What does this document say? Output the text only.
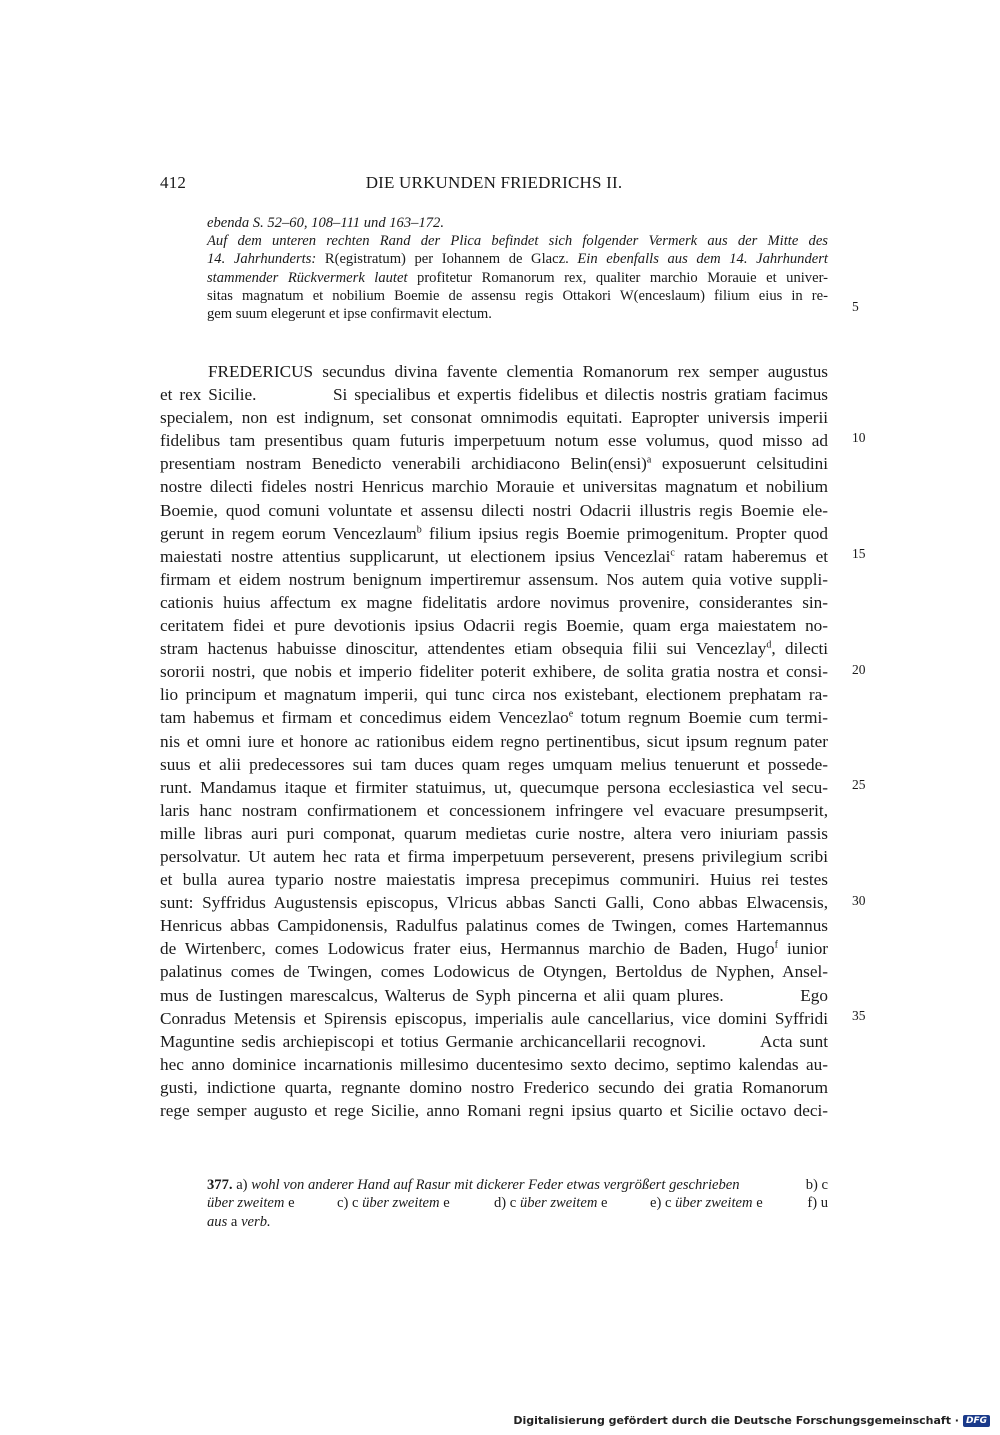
412	DIE URKUNDEN FRIEDRICHS II.
ebenda S. 52–60, 108–111 und 163–172.
Auf dem unteren rechten Rand der Plica befindet sich folgender Vermerk aus der Mitte des
14. Jahrhunderts: R(egistratum) per Iohannem de Glacz. Ein ebenfalls aus dem 14. Jahrhundert
stammender Rückvermerk lautet profitetur Romanorum rex, qualiter marchio Morauie et univer-
sitas magnatum et nobilium Boemie de assensu regis Ottakori W(enceslaum) filium eius in re-
gem suum elegerunt et ipse confirmavit electum.	5
10
15
20
25
30
35
FREDERICUS secundus divina favente clementia Romanorum rex semper augustus
et rex Sicilie.           Si specialibus et expertis fidelibus et dilectis nostris gratiam facimus
specialem, non est indignum, set consonat omnimodis equitati. Eapropter universis imperii
fidelibus tam presentibus quam futuris imperpetuum notum esse volumus, quod misso ad
presentiam nostram Benedicto venerabili archidiacono Belin(ensi)$^a$ exposuerunt celsitudini
nostre dilecti fideles nostri Henricus marchio Morauie et universitas magnatum et nobilium
Boemie, quod comuni voluntate et assensu dilecti nostri Odacrii illustris regis Boemie ele-
gerunt in regem eorum Vencezlaum$^b$ filium ipsius regis Boemie primogenitum. Propter quod
maiestati nostre attentius supplicarunt, ut electionem ipsius Vencezlai$^c$ ratam haberemus et
firmam et eidem nostrum benignum impertiremur assensum. Nos autem quia votive suppli-
cationis huius affectum ex magne fidelitatis ardore novimus provenire, considerantes sin-
ceritatem fidei et pure devotionis ipsius Odacrii regis Boemie, quam erga maiestatem no-
stram hactenus habuisse dinoscitur, attendentes etiam obsequia filii sui Vencezlay$^d$, dilecti
sororii nostri, que nobis et imperio fideliter poterit exhibere, de solita gratia nostra et consi-
lio principum et magnatum imperii, qui tunc circa nos existebant, electionem prephatam ra-
tam habemus et firmam et concedimus eidem Vencezlao$^e$ totum regnum Boemie cum termi-
nis et omni iure et honore ac rationibus eidem regno pertinentibus, sicut ipsum regnum pater
suus et alii predecessores sui tam duces quam reges umquam melius tenuerunt et possede-
runt. Mandamus itaque et firmiter statuimus, ut, quecumque persona ecclesiastica vel secu-
laris hanc nostram confirmationem et concessionem infringere vel evacuare presumpserit,
mille libras auri puri componat, quarum medietas curie nostre, altera vero iniuriam passis
persolvatur. Ut autem hec rata et firma imperpetuum perseverent, presens privilegium scribi
et bulla aurea typario nostre maiestatis impresa precepimus communiri. Huius rei testes
sunt: Syffridus Augustensis episcopus, Vlricus abbas Sancti Galli, Cono abbas Elwacensis,
Henricus abbas Campidonensis, Radulfus palatinus comes de Twingen, comes Hartemannus
de Wirtenberc, comes Lodowicus frater eius, Hermannus marchio de Baden, Hugo$^f$ iunior
palatinus comes de Twingen, comes Lodowicus de Otyngen, Bertoldus de Nyphen, Ansel-
mus de Iustingen marescalcus, Walterus de Syph pincerna et alii quam plures.           Ego
Conradus Metensis et Spirensis episcopus, imperialis aule cancellarius, vice domini Syffridi
Maguntine sedis archiepiscopi et totius Germanie archicancellarii recognovi.        Acta sunt
hec anno dominice incarnationis millesimo ducentesimo sexto decimo, septimo kalendas au-
gusti, indictione quarta, regnante domino nostro Frederico secundo dei gratia Romanorum
rege semper augusto et rege Sicilie, anno Romani regni ipsius quarto et Sicilie octavo deci-
377. a) wohl von anderer Hand auf Rasur mit dickerer Feder etwas vergrößert geschrieben	b) c
über zweitem e	c) c über zweitem e	d) c über zweitem e	e) c über zweitem e	f) u
aus a verb.
Digitalisierung gefördert durch die Deutsche Forschungsgemeinschaft · DFG
